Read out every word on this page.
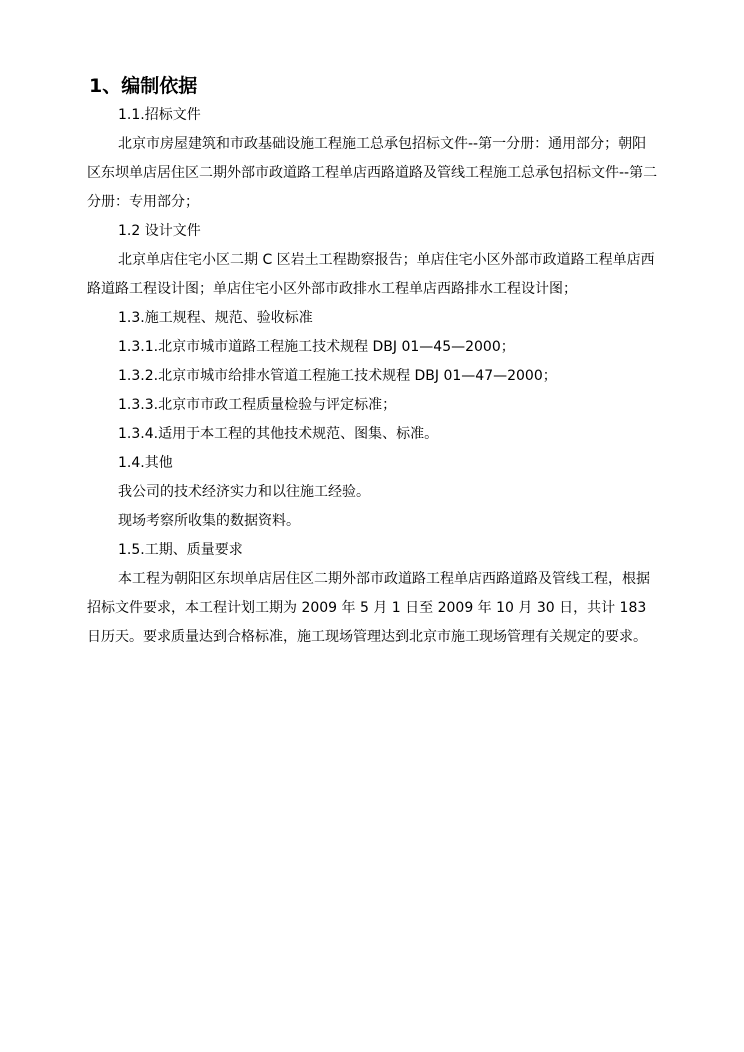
1、编制依据

1.1.招标文件

北京市房屋建筑和市政基础设施工程施工总承包招标文件--第一分册：通用部分；朝阳区东坝单店居住区二期外部市政道路工程单店西路道路及管线工程施工总承包招标文件--第二分册：专用部分；

1.2 设计文件

北京单店住宅小区二期 C 区岩土工程勘察报告；单店住宅小区外部市政道路工程单店西路道路工程设计图；单店住宅小区外部市政排水工程单店西路排水工程设计图；

1.3.施工规程、规范、验收标准

1.3.1.北京市城市道路工程施工技术规程 DBJ 01—45—2000；

1.3.2.北京市城市给排水管道工程施工技术规程 DBJ 01—47—2000；

1.3.3.北京市市政工程质量检验与评定标准；

1.3.4.适用于本工程的其他技术规范、图集、标准。

1.4.其他

我公司的技术经济实力和以往施工经验。

现场考察所收集的数据资料。

1.5.工期、质量要求

本工程为朝阳区东坝单店居住区二期外部市政道路工程单店西路道路及管线工程，根据招标文件要求，本工程计划工期为 2009 年 5 月 1 日至 2009 年 10 月 30 日，共计 183 日历天。要求质量达到合格标准，施工现场管理达到北京市施工现场管理有关规定的要求。
